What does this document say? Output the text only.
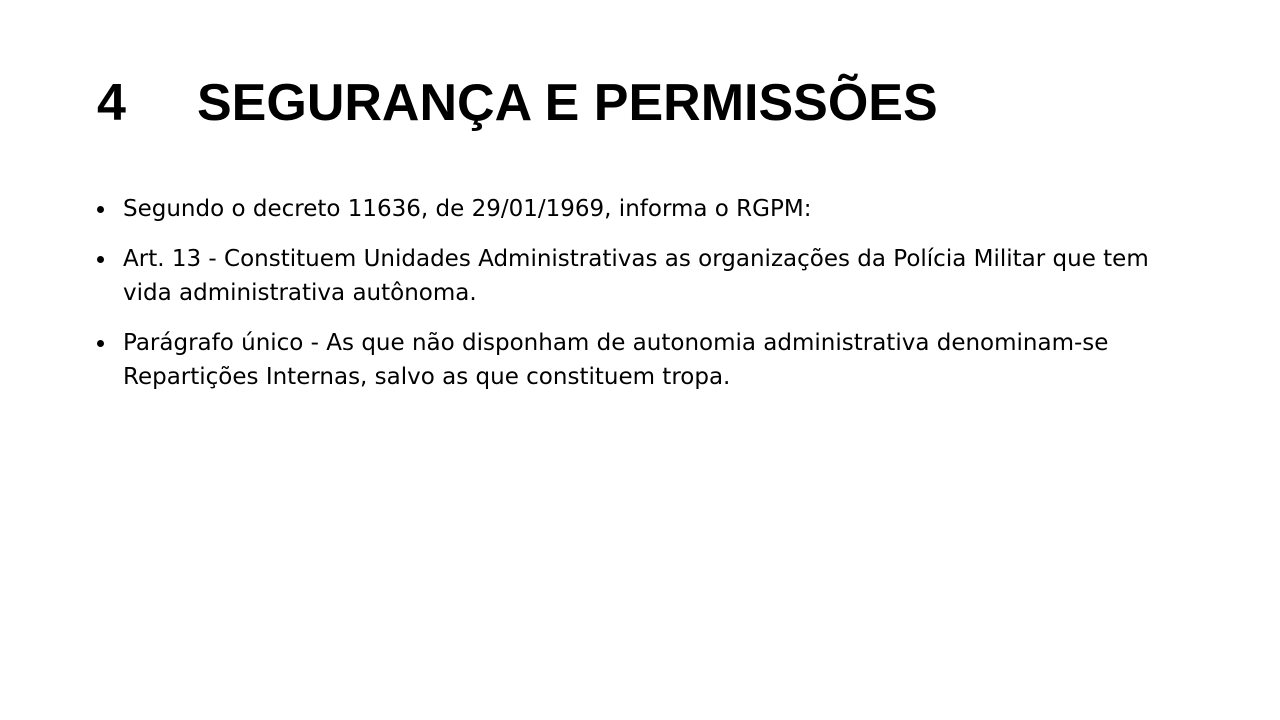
4 SEGURANÇA E PERMISSÕES
Segundo o decreto 11636, de 29/01/1969, informa o RGPM:
Art. 13 - Constituem Unidades Administrativas as organizações da Polícia Militar que tem vida administrativa autônoma.
Parágrafo único - As que não disponham de autonomia administrativa denominam-se Repartições Internas, salvo as que constituem tropa.
